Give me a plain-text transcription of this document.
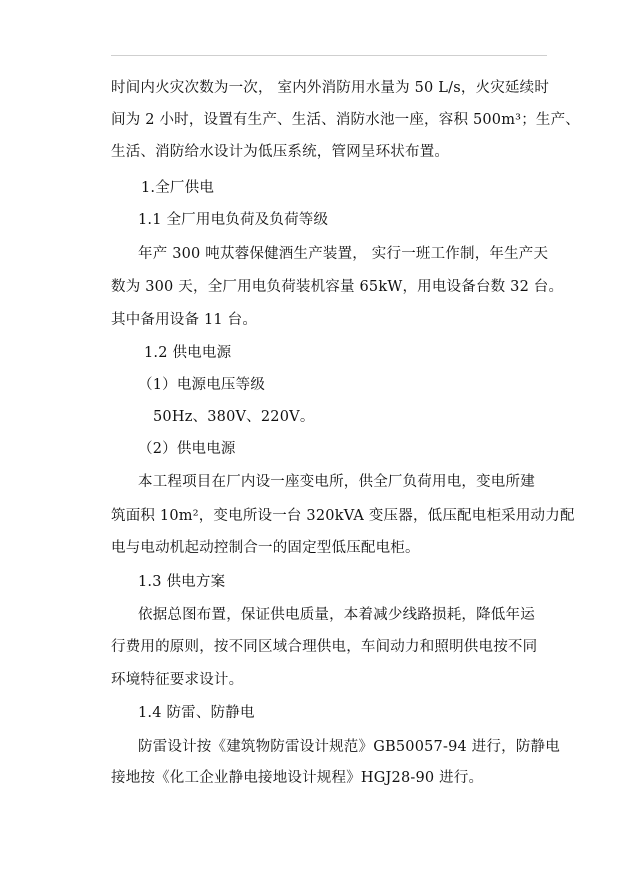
时间内火灾次数为一次， 室内外消防用水量为 50 L/s，火灾延续时
间为 2 小时，设置有生产、生活、消防水池一座，容积 500m³；生产、
生活、消防给水设计为低压系统，管网呈环状布置。
1.全厂供电
1.1 全厂用电负荷及负荷等级
年产 300 吨苁蓉保健酒生产装置， 实行一班工作制，年生产天
数为 300 天，全厂用电负荷装机容量 65kW，用电设备台数 32 台。
其中备用设备 11 台。
1.2 供电电源
（1）电源电压等级
50Hz、380V、220V。
（2）供电电源
本工程项目在厂内设一座变电所，供全厂负荷用电，变电所建
筑面积 10m²，变电所设一台 320kVA 变压器，低压配电柜采用动力配
电与电动机起动控制合一的固定型低压配电柜。
1.3 供电方案
依据总图布置，保证供电质量，本着减少线路损耗，降低年运
行费用的原则，按不同区域合理供电，车间动力和照明供电按不同
环境特征要求设计。
1.4 防雷、防静电
防雷设计按《建筑物防雷设计规范》GB50057-94 进行，防静电
接地按《化工企业静电接地设计规程》HGJ28-90 进行。
